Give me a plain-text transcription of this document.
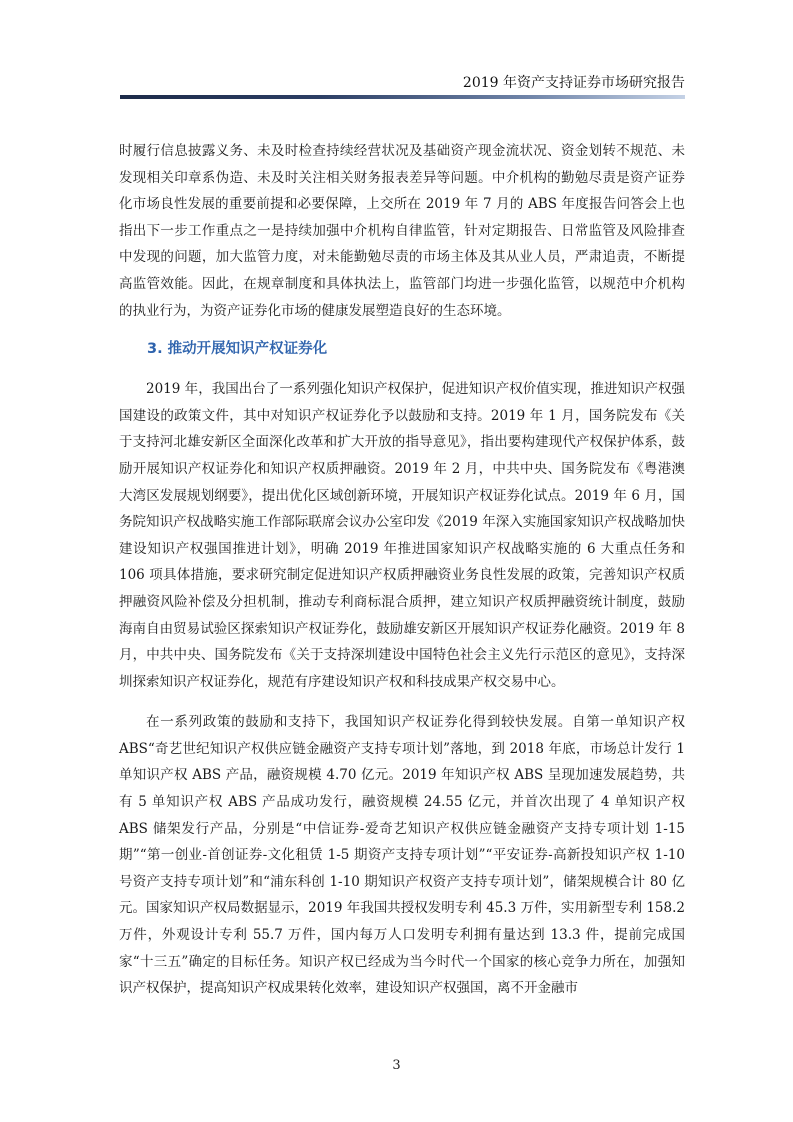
2019 年资产支持证券市场研究报告

时履行信息披露义务、未及时检查持续经营状况及基础资产现金流状况、资金划转不规范、未发现相关印章系伪造、未及时关注相关财务报表差异等问题。中介机构的勤勉尽责是资产证券化市场良性发展的重要前提和必要保障，上交所在 2019 年 7 月的 ABS 年度报告问答会上也指出下一步工作重点之一是持续加强中介机构自律监管，针对定期报告、日常监管及风险排查中发现的问题，加大监管力度，对未能勤勉尽责的市场主体及其从业人员，严肃追责，不断提高监管效能。因此，在规章制度和具体执法上，监管部门均进一步强化监管，以规范中介机构的执业行为，为资产证券化市场的健康发展塑造良好的生态环境。

3. 推动开展知识产权证券化

2019 年，我国出台了一系列强化知识产权保护，促进知识产权价值实现，推进知识产权强国建设的政策文件，其中对知识产权证券化予以鼓励和支持。2019 年 1 月，国务院发布《关于支持河北雄安新区全面深化改革和扩大开放的指导意见》，指出要构建现代产权保护体系，鼓励开展知识产权证券化和知识产权质押融资。2019 年 2 月，中共中央、国务院发布《粤港澳大湾区发展规划纲要》，提出优化区域创新环境，开展知识产权证券化试点。2019 年 6 月，国务院知识产权战略实施工作部际联席会议办公室印发《2019 年深入实施国家知识产权战略加快建设知识产权强国推进计划》，明确 2019 年推进国家知识产权战略实施的 6 大重点任务和 106 项具体措施，要求研究制定促进知识产权质押融资业务良性发展的政策，完善知识产权质押融资风险补偿及分担机制，推动专利商标混合质押，建立知识产权质押融资统计制度，鼓励海南自由贸易试验区探索知识产权证券化，鼓励雄安新区开展知识产权证券化融资。2019 年 8 月，中共中央、国务院发布《关于支持深圳建设中国特色社会主义先行示范区的意见》，支持深圳探索知识产权证券化，规范有序建设知识产权和科技成果产权交易中心。

在一系列政策的鼓励和支持下，我国知识产权证券化得到较快发展。自第一单知识产权 ABS“奇艺世纪知识产权供应链金融资产支持专项计划”落地，到 2018 年底，市场总计发行 1 单知识产权 ABS 产品，融资规模 4.70 亿元。2019 年知识产权 ABS 呈现加速发展趋势，共有 5 单知识产权 ABS 产品成功发行，融资规模 24.55 亿元，并首次出现了 4 单知识产权 ABS 储架发行产品，分别是“中信证券-爱奇艺知识产权供应链金融资产支持专项计划 1-15 期”“第一创业-首创证券-文化租赁 1-5 期资产支持专项计划”“平安证券-高新投知识产权 1-10 号资产支持专项计划”和“浦东科创 1-10 期知识产权资产支持专项计划”，储架规模合计 80 亿元。国家知识产权局数据显示，2019 年我国共授权发明专利 45.3 万件，实用新型专利 158.2 万件，外观设计专利 55.7 万件，国内每万人口发明专利拥有量达到 13.3 件，提前完成国家“十三五”确定的目标任务。知识产权已经成为当今时代一个国家的核心竞争力所在，加强知识产权保护，提高知识产权成果转化效率，建设知识产权强国，离不开金融市

3
